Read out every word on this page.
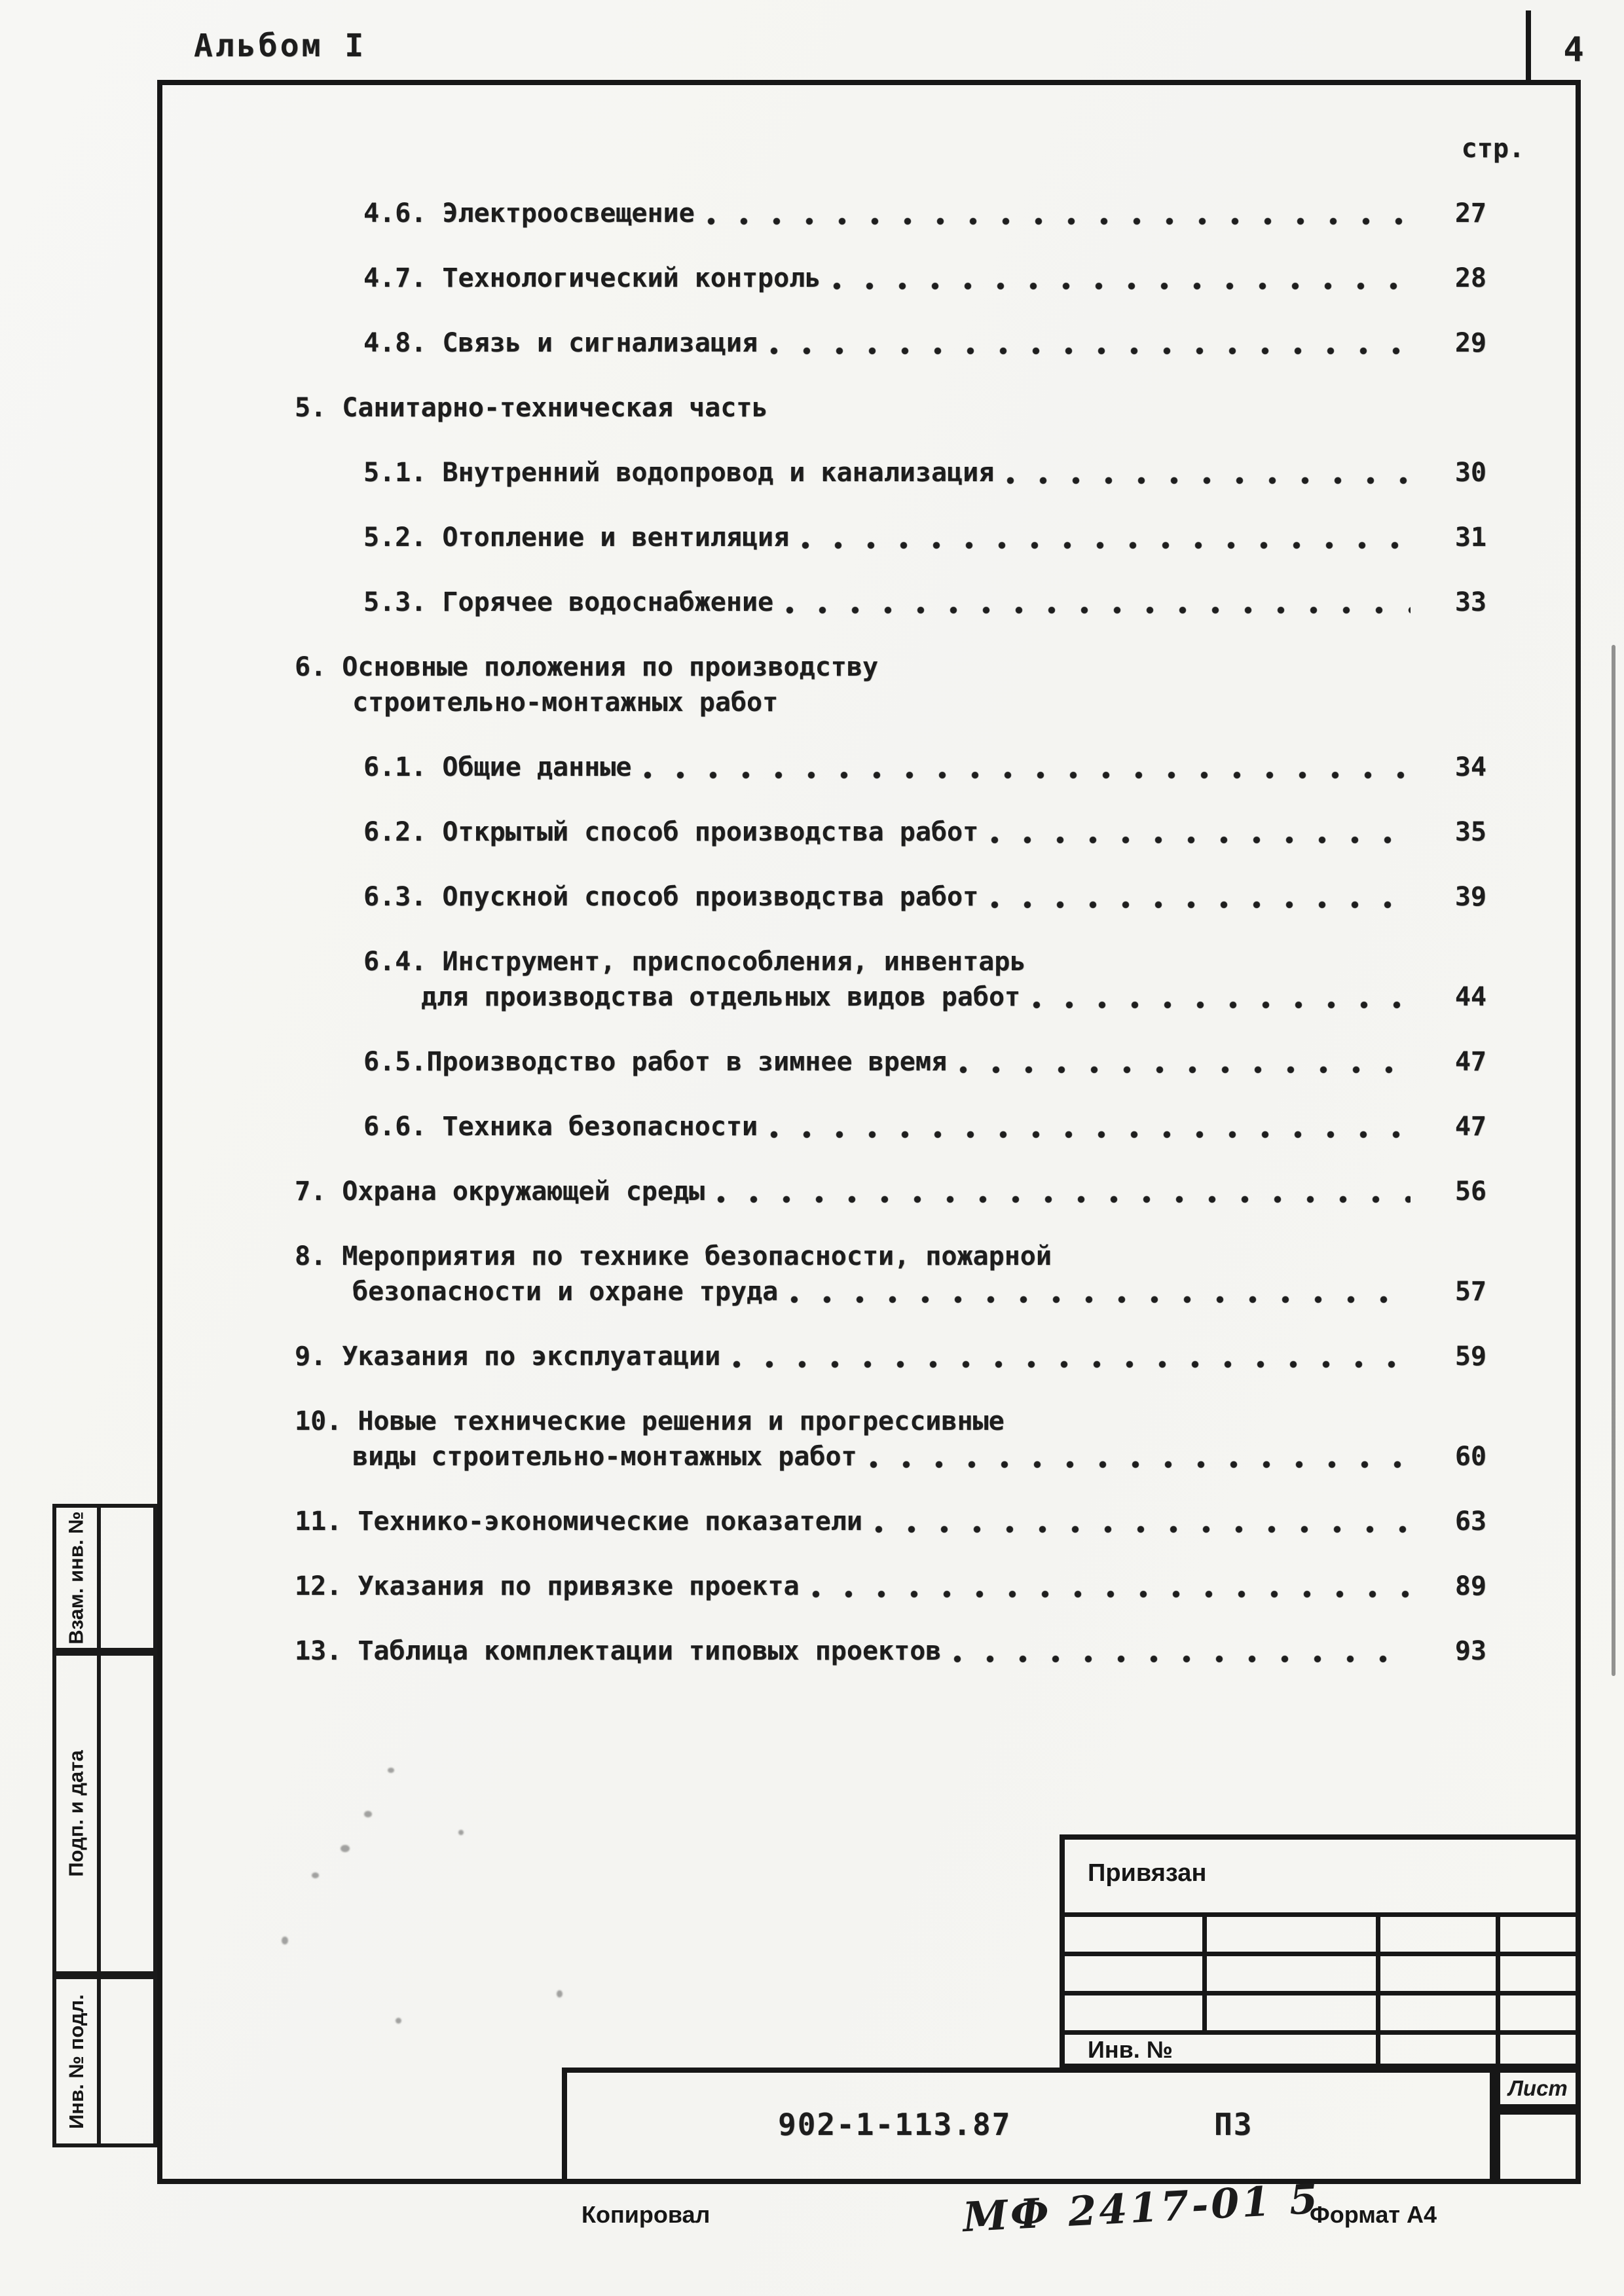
Альбом I	4
стр.
4.6. Электроосвещение	27
4.7. Технологический контроль	28
4.8. Связь и сигнализация	29
5. Санитарно-техническая часть
5.1. Внутренний водопровод и канализация	30
5.2. Отопление и вентиляция	31
5.3. Горячее водоснабжение	33
6. Основные положения по производству
строительно-монтажных работ
6.1. Общие данные	34
6.2. Открытый способ производства работ	35
6.3. Опускной способ производства работ	39
6.4. Инструмент, приспособления, инвентарь
для производства отдельных видов работ	44
6.5.Производство работ в зимнее время	47
6.6. Техника безопасности	47
7. Охрана окружающей среды	56
8. Мероприятия по технике безопасности, пожарной
безопасности и охране труда	57
9. Указания по эксплуатации	59
10. Новые технические решения и прогрессивные
виды строительно-монтажных работ	60
11. Технико-экономические показатели	63
12. Указания по привязке проекта	89
13. Таблица комплектации типовых проектов	93
Взам. инв. №
Подп. и дата
Инв. № подл.
Привязан
Инв. №
902-1-113.87	ПЗ
Лист
Копировал	МФ 2417-01 5
Формат А4
